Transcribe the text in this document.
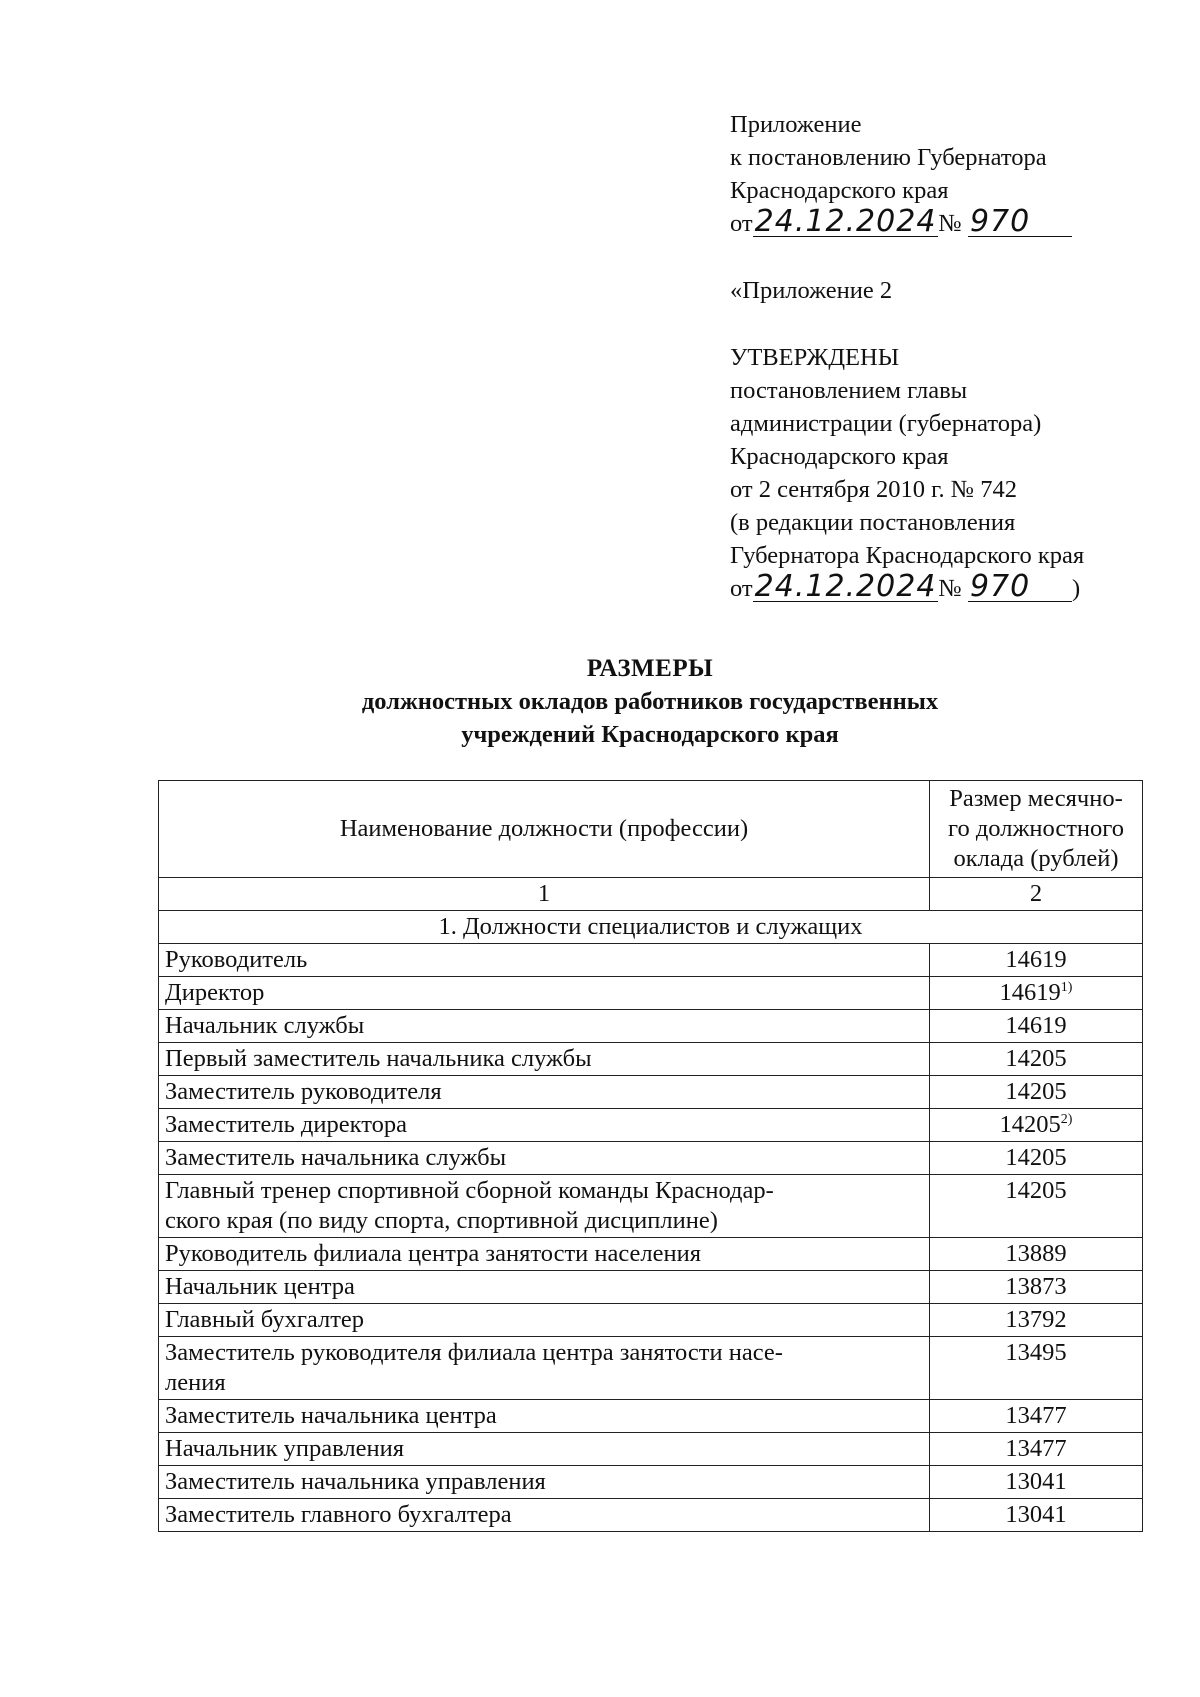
Приложение
к постановлению Губернатора
Краснодарского края
от24.12.2024№ 970
«Приложение 2
УТВЕРЖДЕНЫ
постановлением главы
администрации (губернатора)
Краснодарского края
от 2 сентября 2010 г. № 742
(в редакции постановления
Губернатора Краснодарского края
от24.12.2024№ 970 )
РАЗМЕРЫ
должностных окладов работников государственных
учреждений Краснодарского края
Наименование должности (профессии)	Размер месячно-
го должностного
оклада (рублей)

1	2
1. Должности специалистов и служащих	

Руководитель	14619

Директор	14619$^{1)}$

Начальник службы	14619

Первый заместитель начальника службы	14205

Заместитель руководителя	14205

Заместитель директора	14205$^{2)}$

Заместитель начальника службы	14205

Главный тренер спортивной сборной команды Краснодар-
ского края (по виду спорта, спортивной дисциплине)	14205

Руководитель филиала центра занятости населения	13889

Начальник центра	13873

Главный бухгалтер	13792

Заместитель руководителя филиала центра занятости насе-
ления	13495

Заместитель начальника центра	13477

Начальник управления	13477

Заместитель начальника управления	13041

Заместитель главного бухгалтера	13041
